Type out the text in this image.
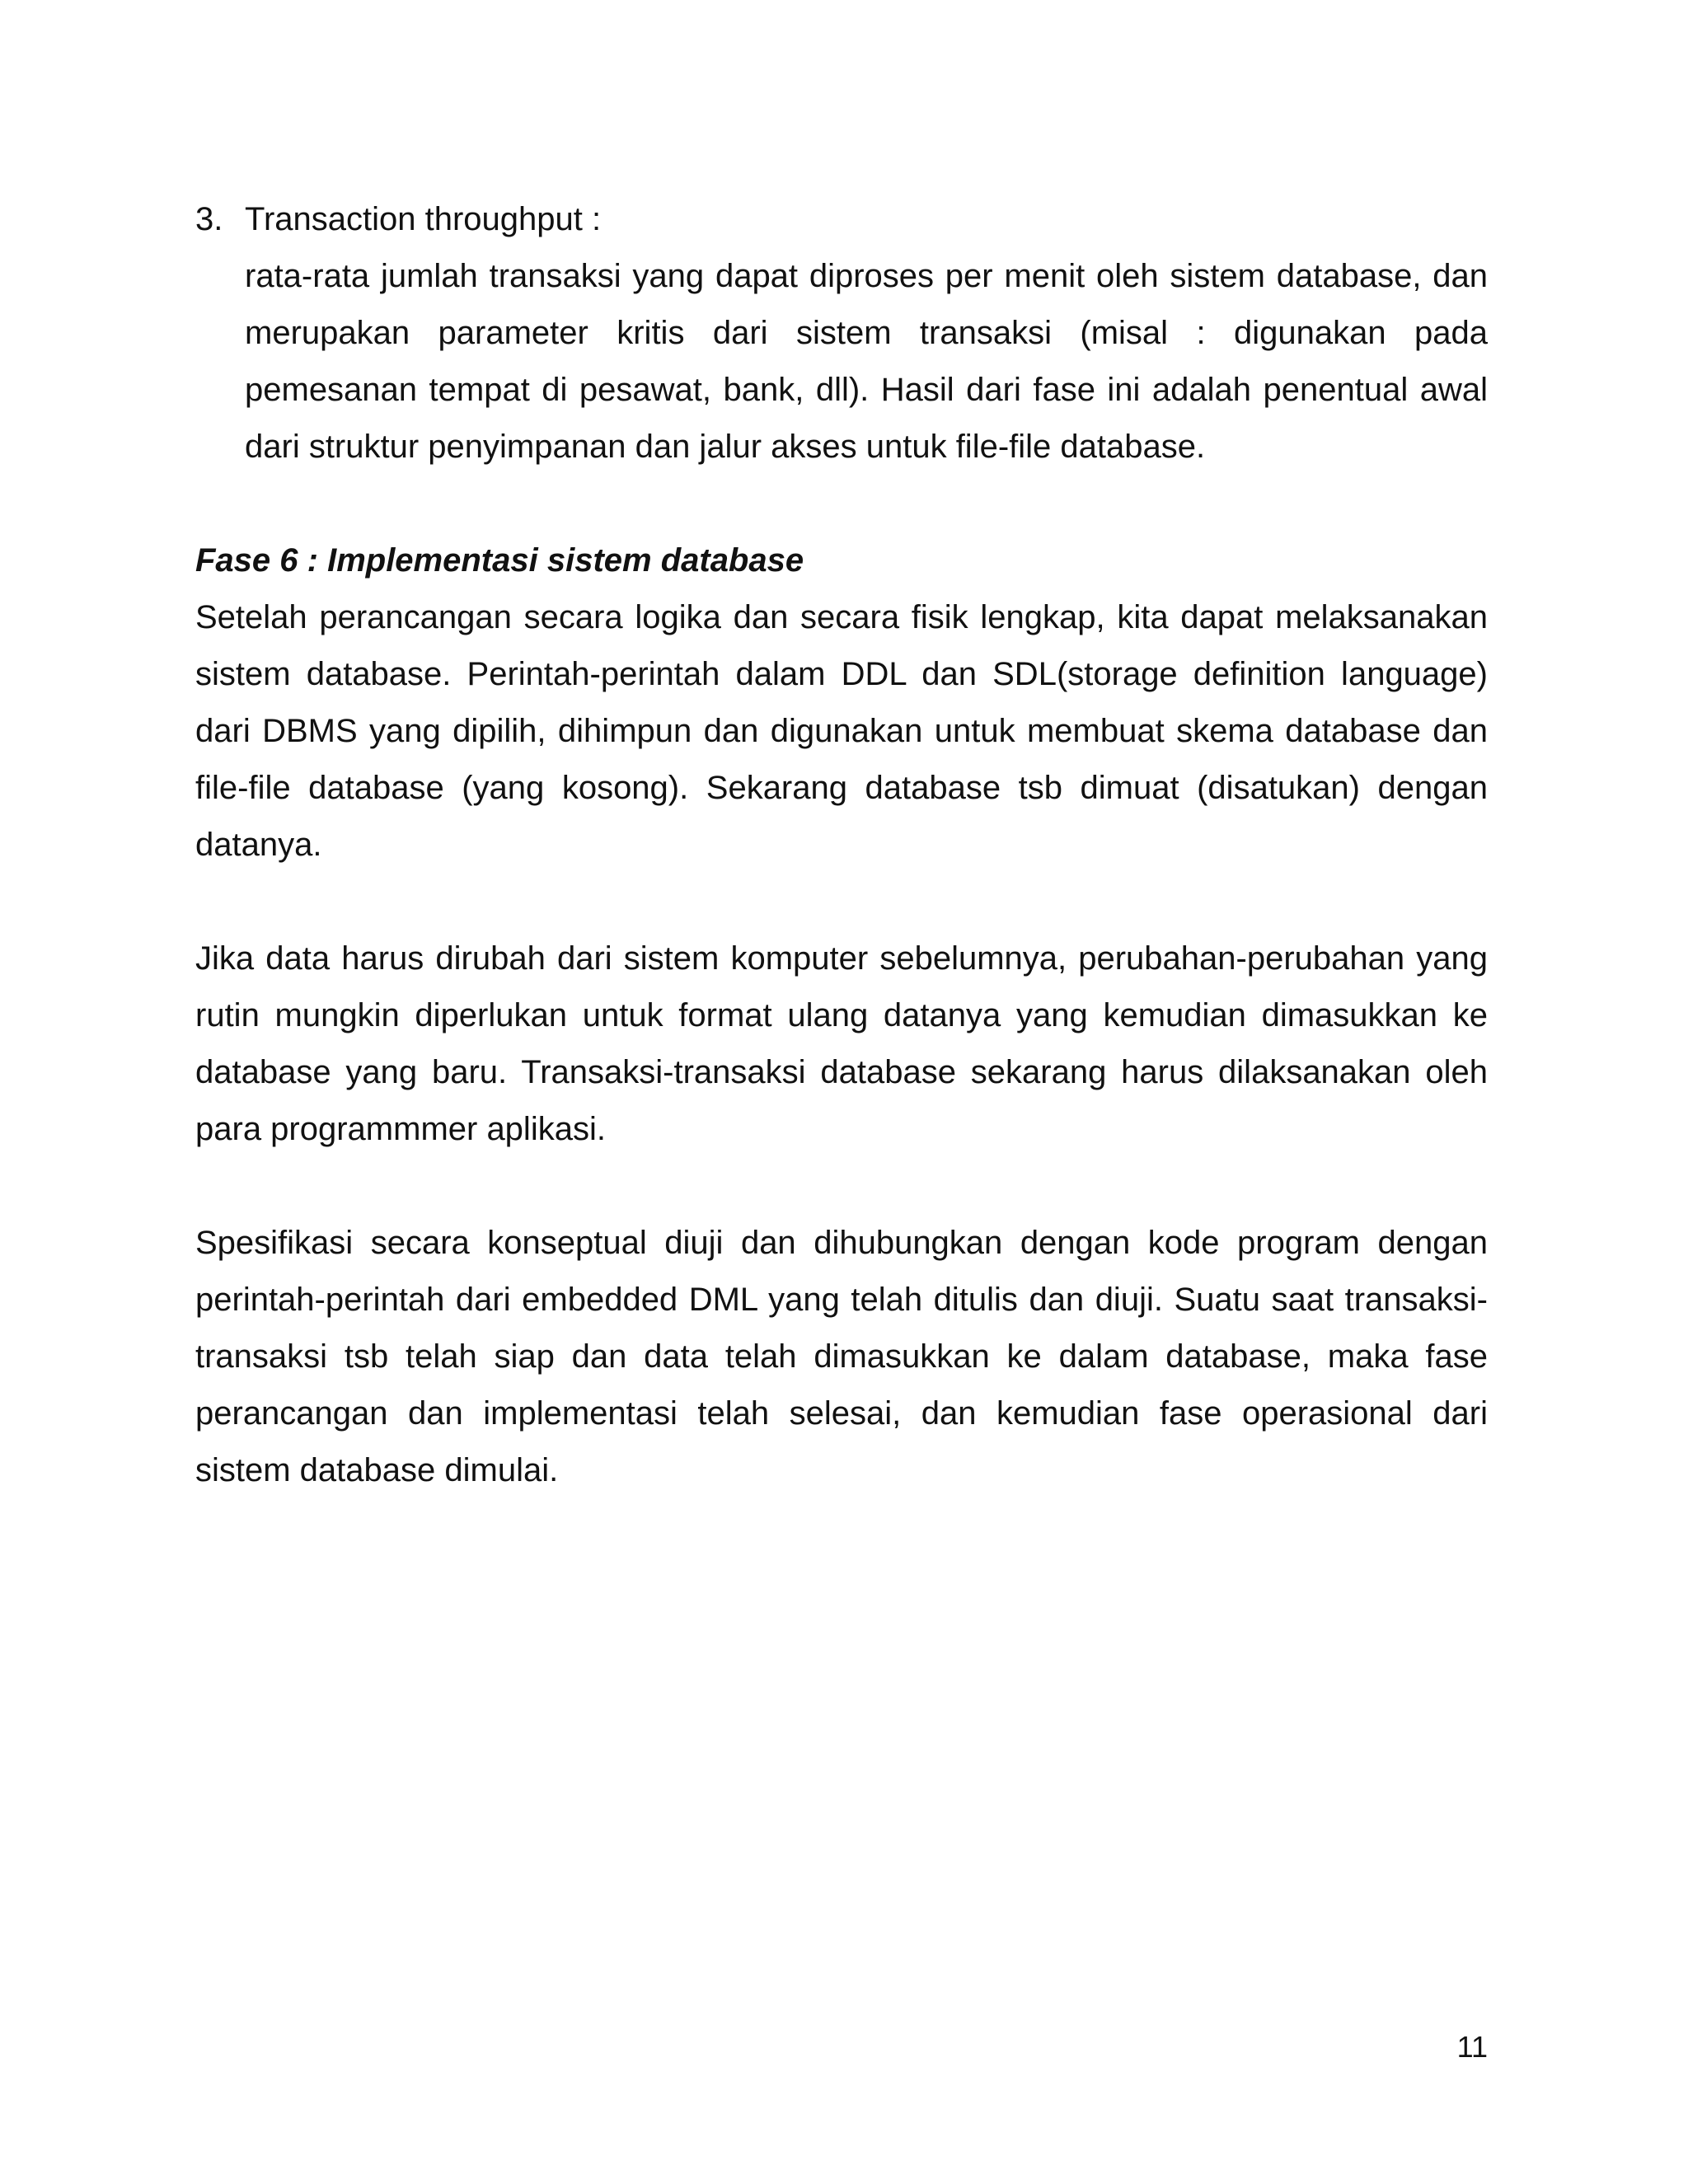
3. Transaction throughput :

rata-rata jumlah transaksi yang dapat diproses per menit oleh sistem database, dan merupakan parameter kritis dari sistem transaksi (misal : digunakan pada pemesanan tempat di pesawat, bank, dll). Hasil dari fase ini adalah penentual awal dari struktur penyimpanan dan jalur akses untuk file-file database.

Fase 6 : Implementasi sistem database

Setelah perancangan secara logika dan secara fisik lengkap, kita dapat melaksanakan sistem database. Perintah-perintah dalam DDL dan SDL(storage definition language) dari DBMS yang dipilih, dihimpun dan digunakan untuk membuat skema database dan file-file database (yang kosong). Sekarang database tsb dimuat (disatukan) dengan datanya.

Jika data harus dirubah dari sistem komputer sebelumnya, perubahan-perubahan yang rutin mungkin diperlukan untuk format ulang datanya yang kemudian dimasukkan ke database yang baru. Transaksi-transaksi database sekarang harus dilaksanakan oleh para programmmer aplikasi.

Spesifikasi secara konseptual diuji dan dihubungkan dengan kode program dengan perintah-perintah dari embedded DML yang telah ditulis dan diuji. Suatu saat transaksi-transaksi tsb telah siap dan data telah dimasukkan ke dalam database, maka fase perancangan dan implementasi telah selesai, dan kemudian fase operasional dari sistem database dimulai.

11
